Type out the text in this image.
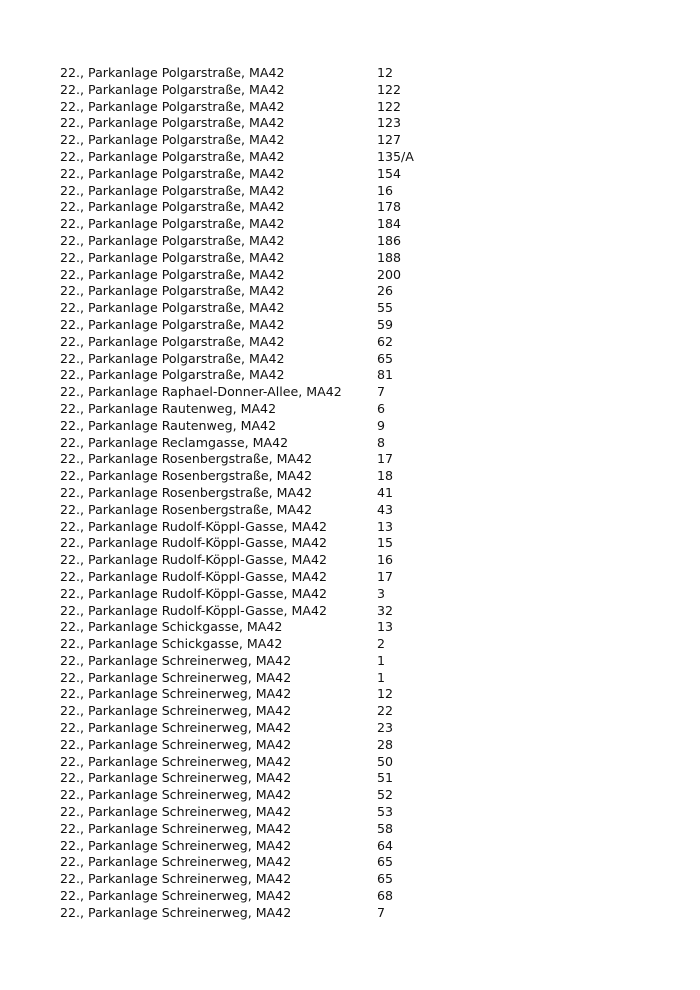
22., Parkanlage Polgarstraße, MA42	12
22., Parkanlage Polgarstraße, MA42	122
22., Parkanlage Polgarstraße, MA42	122
22., Parkanlage Polgarstraße, MA42	123
22., Parkanlage Polgarstraße, MA42	127
22., Parkanlage Polgarstraße, MA42	135/A
22., Parkanlage Polgarstraße, MA42	154
22., Parkanlage Polgarstraße, MA42	16
22., Parkanlage Polgarstraße, MA42	178
22., Parkanlage Polgarstraße, MA42	184
22., Parkanlage Polgarstraße, MA42	186
22., Parkanlage Polgarstraße, MA42	188
22., Parkanlage Polgarstraße, MA42	200
22., Parkanlage Polgarstraße, MA42	26
22., Parkanlage Polgarstraße, MA42	55
22., Parkanlage Polgarstraße, MA42	59
22., Parkanlage Polgarstraße, MA42	62
22., Parkanlage Polgarstraße, MA42	65
22., Parkanlage Polgarstraße, MA42	81
22., Parkanlage Raphael-Donner-Allee, MA42	7
22., Parkanlage Rautenweg, MA42	6
22., Parkanlage Rautenweg, MA42	9
22., Parkanlage Reclamgasse, MA42	8
22., Parkanlage Rosenbergstraße, MA42	17
22., Parkanlage Rosenbergstraße, MA42	18
22., Parkanlage Rosenbergstraße, MA42	41
22., Parkanlage Rosenbergstraße, MA42	43
22., Parkanlage Rudolf-Köppl-Gasse, MA42	13
22., Parkanlage Rudolf-Köppl-Gasse, MA42	15
22., Parkanlage Rudolf-Köppl-Gasse, MA42	16
22., Parkanlage Rudolf-Köppl-Gasse, MA42	17
22., Parkanlage Rudolf-Köppl-Gasse, MA42	3
22., Parkanlage Rudolf-Köppl-Gasse, MA42	32
22., Parkanlage Schickgasse, MA42	13
22., Parkanlage Schickgasse, MA42	2
22., Parkanlage Schreinerweg, MA42	1
22., Parkanlage Schreinerweg, MA42	1
22., Parkanlage Schreinerweg, MA42	12
22., Parkanlage Schreinerweg, MA42	22
22., Parkanlage Schreinerweg, MA42	23
22., Parkanlage Schreinerweg, MA42	28
22., Parkanlage Schreinerweg, MA42	50
22., Parkanlage Schreinerweg, MA42	51
22., Parkanlage Schreinerweg, MA42	52
22., Parkanlage Schreinerweg, MA42	53
22., Parkanlage Schreinerweg, MA42	58
22., Parkanlage Schreinerweg, MA42	64
22., Parkanlage Schreinerweg, MA42	65
22., Parkanlage Schreinerweg, MA42	65
22., Parkanlage Schreinerweg, MA42	68
22., Parkanlage Schreinerweg, MA42	7
